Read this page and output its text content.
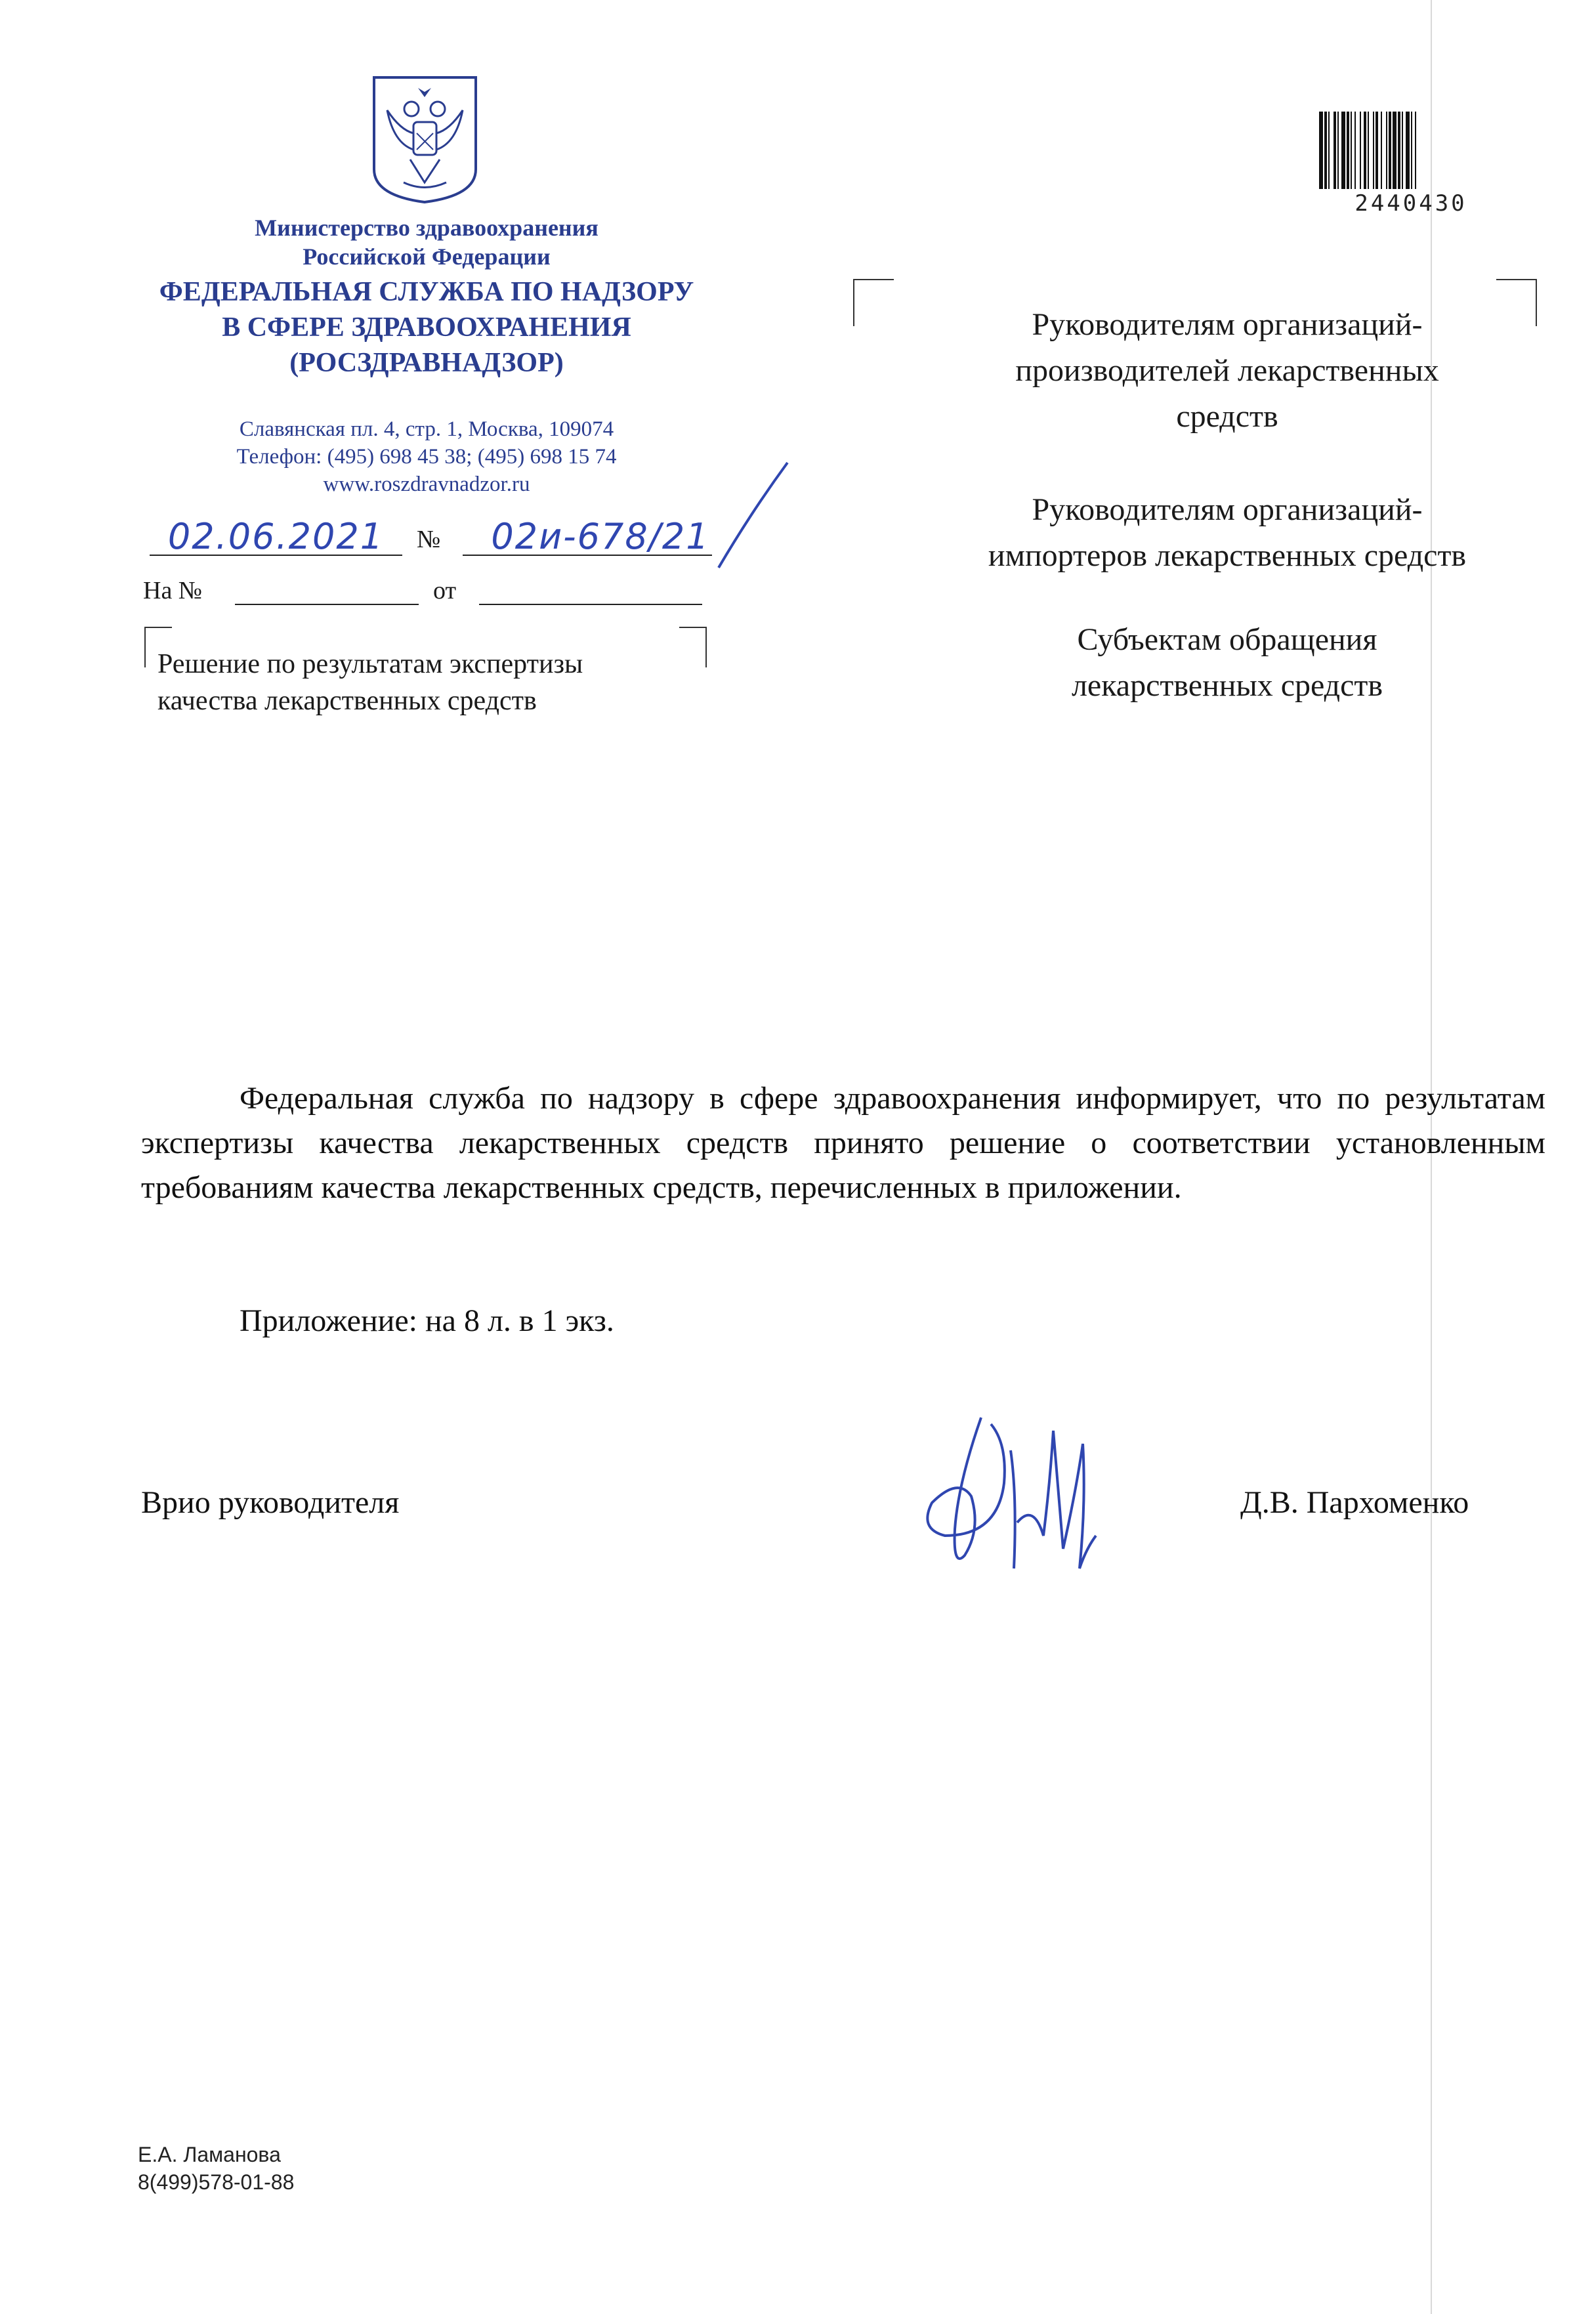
Министерство здравоохранения
Российской Федерации
ФЕДЕРАЛЬНАЯ СЛУЖБА ПО НАДЗОРУ
В СФЕРЕ ЗДРАВООХРАНЕНИЯ
(РОСЗДРАВНАДЗОР)
Славянская пл. 4, стр. 1, Москва, 109074
Телефон: (495) 698 45 38; (495) 698 15 74
www.roszdravnadzor.ru
02.06.2021	№	02и-678/21
На №	от
Решение по результатам экспертизы
качества лекарственных средств
2440430
Руководителям организаций-
производителей лекарственных
средств
Руководителям организаций-
импортеров лекарственных средств
Субъектам обращения
лекарственных средств

Федеральная служба по надзору в сфере здравоохранения информирует, что по результатам экспертизы качества лекарственных средств принято решение о соответствии установленным требованиям качества лекарственных средств, перечисленных в приложении.

Приложение: на 8 л. в 1 экз.
Врио руководителя	Д.В. Пархоменко
Е.А. Ламанова
8(499)578-01-88
